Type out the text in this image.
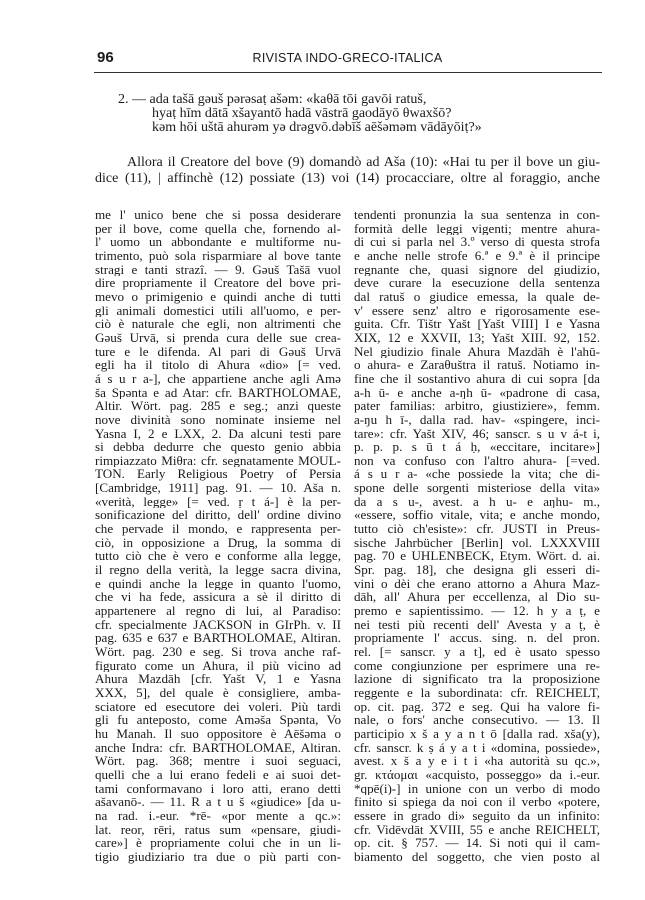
96	RIVISTA INDO-GRECO-ITALICA
2. — ada tašā gəuš pərəsaṭ ašəm: «kaθā tōi gavōi ratuš,
hyaṭ hīm dātā xšayantō hadā vāstrā gaodāyō θwaxšō?
kəm hōi uštā ahurəm yə drəgvō.dəbīš aēšəməm vādāyōiṭ?»
Allora il Creatore del bove (9) domandò ad Aša (10): «Hai tu per il bove un giu-
dice (11), | affinchè (12) possiate (13) voi (14) procacciare, oltre al foraggio, anche
me l' unico bene che si possa desiderare
per il bove, come quella che, fornendo al-
l' uomo un abbondante e multiforme nu-
trimento, può sola risparmiare al bove tante
stragi e tanti strazî. — 9. Gəuš Tašā vuol
dire propriamente il Creatore del bove pri-
mevo o primigenio e quindi anche di tutti
gli animali domestici utili all'uomo, e per-
ciò è naturale che egli, non altrimenti che
Gəuš Urvā, si prenda cura delle sue crea-
ture e le difenda. Al pari di Gəuš Urvā
egli ha il titolo di Ahura «dio» [= ved.
á s u r a-], che appartiene anche agli Amə
ša Spənta e ad Atar: cfr. BARTHOLOMAE,
Altir. Wört. pag. 285 e seg.; anzi queste
nove divinità sono nominate insieme nel
Yasna I, 2 e LXX, 2. Da alcuni testi pare
si debba dedurre che questo genio abbia
rimpiazzato Miθra: cfr. segnatamente MOUL-
TON. Early Religious Poetry of Persia
[Cambridge, 1911] pag. 91. — 10. Aša n.
«verità, legge» [= ved. ṛ t á-] è la per-
sonificazione del diritto, dell' ordine divino
che pervade il mondo, e rappresenta per-
ciò, in opposizione a Drug, la somma di
tutto ciò che è vero e conforme alla legge,
il regno della verità, la legge sacra divina,
e quindi anche la legge in quanto l'uomo,
che vi ha fede, assicura a sè il diritto di
appartenere al regno di lui, al Paradiso:
cfr. specialmente JACKSON in GIrPh. v. II
pag. 635 e 637 e BARTHOLOMAE, Altiran.
Wört. pag. 230 e seg. Si trova anche raf-
figurato come un Ahura, il più vicino ad
Ahura Mazdāh [cfr. Yašt V, 1 e Yasna
XXX, 5], del quale è consigliere, amba-
sciatore ed esecutore dei voleri. Più tardi
gli fu anteposto, come Aməša Spənta, Vo
hu Manah. Il suo oppositore è Aēšəma o
anche Indra: cfr. BARTHOLOMAE, Altiran.
Wört. pag. 368; mentre i suoi seguaci,
quelli che a lui erano fedeli e ai suoi det-
tami conformavano i loro atti, erano detti
ašavanō-. — 11. R a t u š «giudice» [da u-
na rad. i.-eur. *rē- «por mente a qc.»:
lat. reor, rēri, ratus sum «pensare, giudi-
care»] è propriamente colui che in un li-
tigio giudiziario tra due o più parti con-
tendenti pronunzia la sua sentenza in con-
formità delle leggi vigenti; mentre ahura-
di cui si parla nel 3.º verso di questa strofa
e anche nelle strofe 6.ª e 9.ª è il principe
regnante che, quasi signore del giudizio,
deve curare la esecuzione della sentenza
dal ratuš o giudice emessa, la quale de-
v' essere senz' altro e rigorosamente ese-
guita. Cfr. Tištr Yašt [Yašt VIII] I e Yasna
XIX, 12 e XXVII, 13; Yašt XIII. 92, 152.
Nel giudizio finale Ahura Mazdāh è l'ahū-
o ahura- e Zaraθuštra il ratuš. Notiamo in-
fine che il sostantivo ahura di cui sopra [da
a-h ū- e anche a-ŋh ū- «padrone di casa,
pater familias: arbitro, giustiziere», femm.
a-ŋu h ī-, dalla rad. hav- «spingere, inci-
tare»: cfr. Yašt XIV, 46; sanscr. s u v á-t i,
p. p. p. s ū t á ḥ, «eccitare, incitare»]
non va confuso con l'altro ahura- [=ved.
á s u r a- «che possiede la vita; che di-
spone delle sorgenti misteriose della vita»
da a s u-, avest. a h u- e aŋhu- m.,
«essere, soffio vitale, vita; e anche mondo,
tutto ciò ch'esiste»: cfr. JUSTI in Preus-
sische Jahrbücher [Berlin] vol. LXXXVIII
pag. 70 e UHLENBECK, Etym. Wört. d. ai.
Spr. pag. 18], che designa gli esseri di-
vini o dèi che erano attorno a Ahura Maz-
dāh, all' Ahura per eccellenza, al Dio su-
premo e sapientissimo. — 12. h y a ṭ, e
nei testi più recenti dell' Avesta y a ṭ, è
propriamente l' accus. sing. n. del pron.
rel. [= sanscr. y a t], ed è usato spesso
come congiunzione per esprimere una re-
lazione di significato tra la proposizione
reggente e la subordinata: cfr. REICHELT,
op. cit. pag. 372 e seg. Qui ha valore fi-
nale, o fors' anche consecutivo. — 13. Il
participio x š a y a n t ō [dalla rad. xša(y),
cfr. sanscr. k ṣ á y a t i «domina, possiede»,
avest. x š a y e i t i «ha autorità su qc.»,
gr. κτάομαι «acquisto, posseggo» da i.-eur.
*qpē(i)-] in unione con un verbo di modo
finito si spiega da noi con il verbo «potere,
essere in grado di» seguito da un infinito:
cfr. Vidēvdāt XVIII, 55 e anche REICHELT,
op. cit. § 757. — 14. Si noti qui il cam-
biamento del soggetto, che vien posto al
